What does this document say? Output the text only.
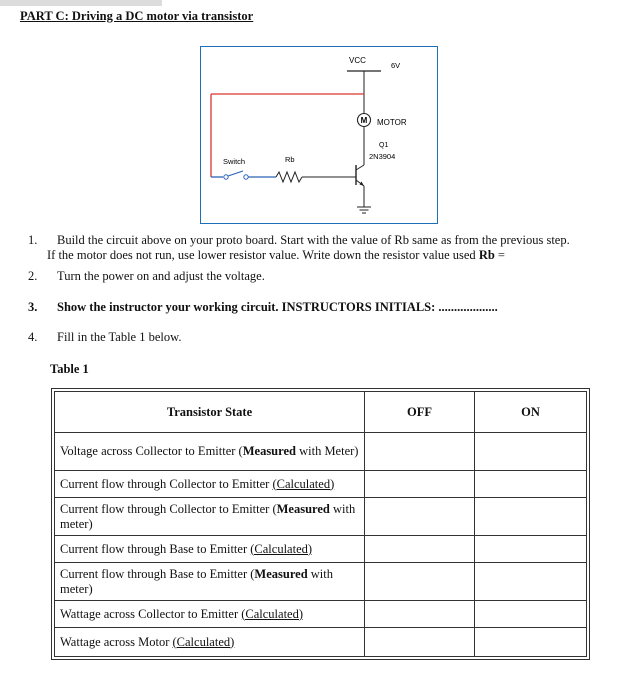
PART C: Driving a DC motor via transistor
VCC
6V
M MOTOR
Q1
2N3904
Switch	Rb
1. Build the circuit above on your proto board. Start with the value of Rb same as from the previous step.
If the motor does not run, use lower resistor value. Write down the resistor value used Rb =
2. Turn the power on and adjust the voltage.
3. Show the instructor your working circuit. INSTRUCTORS INITIALS: ...................
4. Fill in the Table 1 below.
Table 1
Transistor State	OFF	ON
Voltage across Collector to Emitter (Measured with Meter)		
Current flow through Collector to Emitter (Calculated)		
Current flow through Collector to Emitter (Measured with meter)		
Current flow through Base to Emitter (Calculated)		
Current flow through Base to Emitter (Measured with meter)		
Wattage across Collector to Emitter (Calculated)		
Wattage across Motor (Calculated)		
